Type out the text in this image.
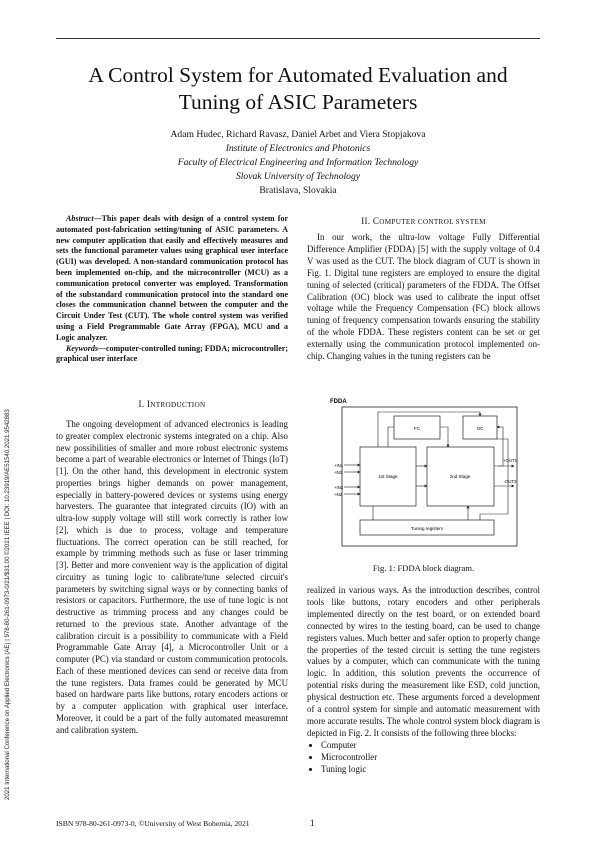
2021 International Conference on Applied Electronics (AE) | 978-80-261-0973-0/21/$31.00 ©2021 IEEE | DOI: 10.23919/AE51540.2021.9542883
A Control System for Automated Evaluation and Tuning of ASIC Parameters
Adam Hudec, Richard Ravasz, Daniel Arbet and Viera Stopjakova
Institute of Electronics and Photonics
Faculty of Electrical Engineering and Information Technology
Slovak University of Technology
Bratislava, Slovakia

Abstract—This paper deals with design of a control system for automated post-fabrication setting/tuning of ASIC parameters. A new computer application that easily and effectively measures and sets the functional parameter values using graphical user interface (GUI) was developed. A non-standard communication protocol has been implemented on-chip, and the microcontroller (MCU) as a communication protocol converter was employed. Transformation of the substandard communication protocol into the standard one closes the communication channel between the computer and the Circuit Under Test (CUT). The whole control system was verified using a Field Programmable Gate Array (FPGA), MCU and a Logic analyzer.

Keywords—computer-controlled tuning; FDDA; microcontroller; graphical user interface

I. INTRODUCTION

The ongoing development of advanced electronics is leading to greater complex electronic systems integrated on a chip. Also new possibilities of smaller and more robust electronic systems become a part of wearable electronics or Internet of Things (IoT) [1]. On the other hand, this development in electronic system properties brings higher demands on power management, especially in battery-powered devices or systems using energy harvesters. The guarantee that integrated circuits (IO) with an ultra-low supply voltage will still work correctly is rather low [2], which is due to process, voltage and temperature fluctuations. The correct operation can be still reached, for example by trimming methods such as fuse or laser trimming [3]. Better and more convenient way is the application of digital circuitry as tuning logic to calibrate/tune selected circuit's parameters by switching signal ways or by connecting banks of resistors or capacitors. Furthermore, the use of tune logic is not destructive as trimming process and any changes could be returned to the previous state. Another advantage of the calibration circuit is a possibility to communicate with a Field Programmable Gate Array [4], a Microcontroller Unit or a computer (PC) via standard or custom communication protocols. Each of these mentioned devices can send or receive data from the tune registers. Data frames could be generated by MCU based on hardware parts like buttons, rotary encoders actions or by a computer application with graphical user interface. Moreover, it could be a part of the fully automated measuremnt and calibration system.

II. COMPUTER CONTROL SYSTEM

In our work, the ultra-low voltage Fully Differential Difference Amplifier (FDDA) [5] with the supply voltage of 0.4 V was used as the CUT. The block diagram of CUT is shown in Fig. 1. Digital tune registers are employed to ensure the digital tuning of selected (critical) parameters of the FDDA. The Offset Calibration (OC) block was used to calibrate the input offset voltage while the Frequency Compensation (FC) block allows tuning of frequency compensation towards ensuring the stability of the whole FDDA. These registers content can be set or get externally using the communication protocol implemented on-chip. Changing values in the tuning registers can be

FDDA
FC	OC
1st Stage	2nd Stage
Tuning registers
+IN1
-IN1
+IN2
-IN2
+OUT1
-OUT2
Fig. 1: FDDA block diagram.

realized in various ways. As the introduction describes, control tools like buttons, rotary encoders and other peripherals implemented directly on the test board, or on extended board connected by wires to the testing board, can be used to change registers values. Much better and safer option to properly change the properties of the tested circuit is setting the tune registers values by a computer, which can communicate with the tuning logic. In addition, this solution prevents the occurrence of potential risks during the measurement like ESD, cold junction, physical destruction etc. These arguments forced a development of a control system for simple and automatic measurement with more accurate results. The whole control system block diagram is depicted in Fig. 2. It consists of the following three blocks:

• Computer
• Microcontroller
• Tuning logic
ISBN 978-80-261-0973-0, ©University of West Bohemia, 2021	1
